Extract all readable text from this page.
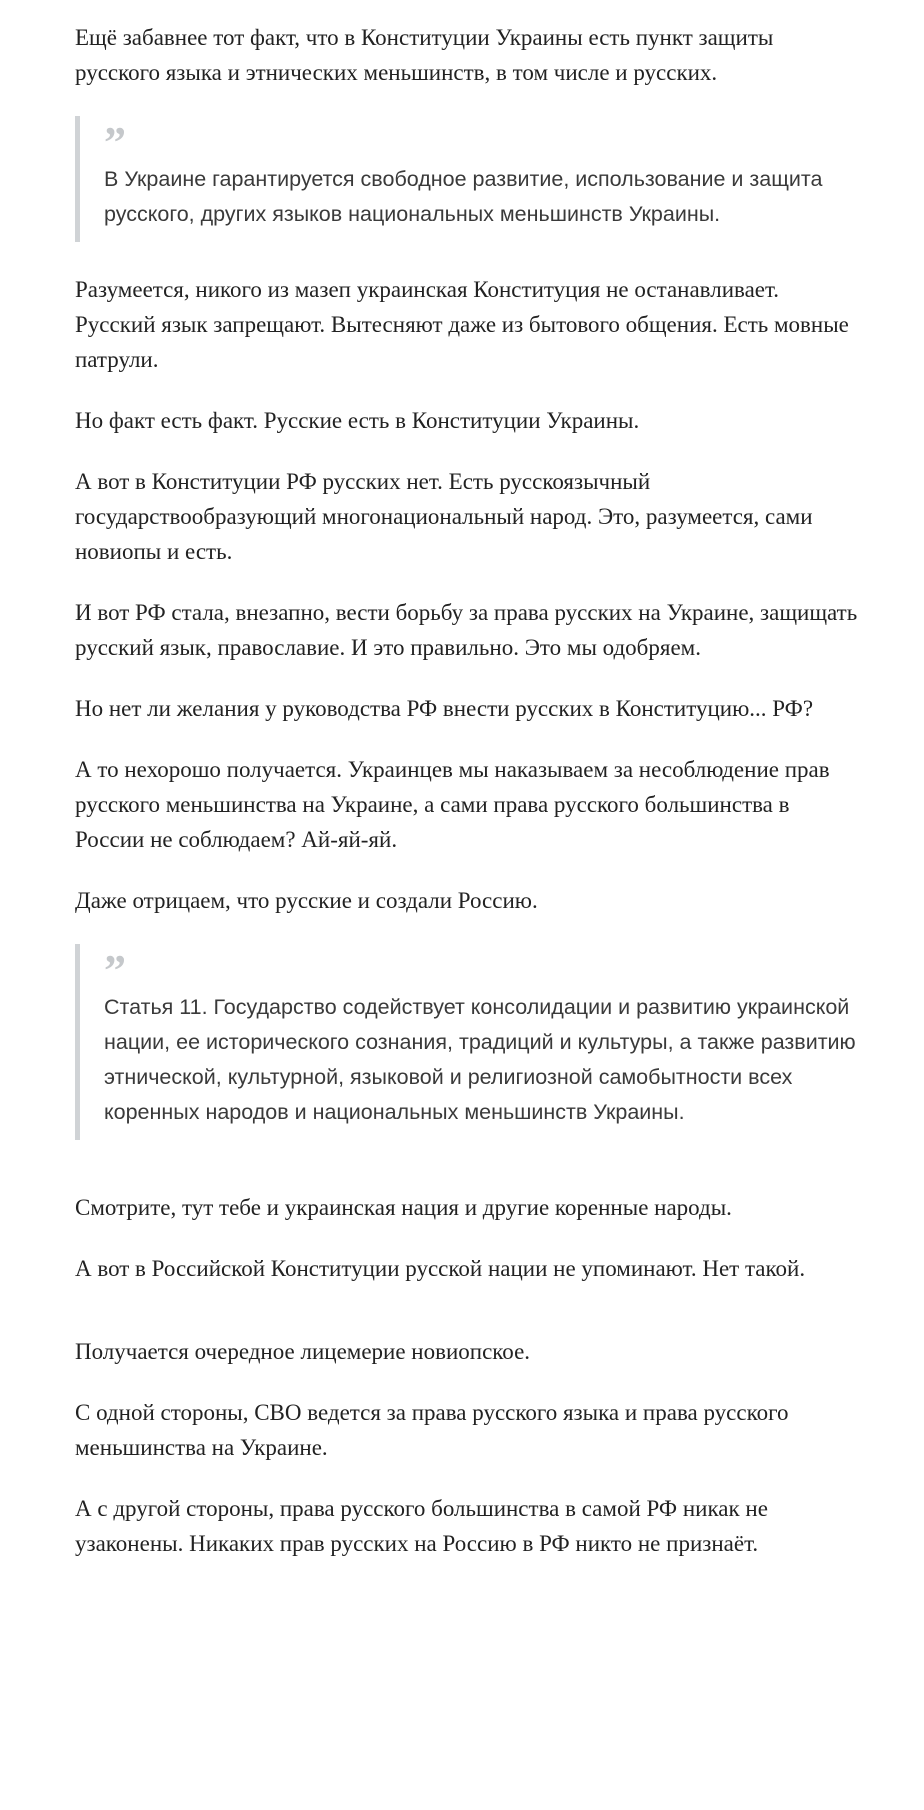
Ещё забавнее тот факт, что в Конституции Украины есть пункт защиты русского языка и этнических меньшинств, в том числе и русских.

”
В Украине гарантируется свободное развитие, использование и защита русского, других языков национальных меньшинств Украины.

Разумеется, никого из мазеп украинская Конституция не останавливает. Русский язык запрещают. Вытесняют даже из бытового общения. Есть мовные патрули.

Но факт есть факт. Русские есть в Конституции Украины.

А вот в Конституции РФ русских нет. Есть русскоязычный государствообразующий многонациональный народ. Это, разумеется, сами новиопы и есть.

И вот РФ стала, внезапно, вести борьбу за права русских на Украине, защищать русский язык, православие. И это правильно. Это мы одобряем.

Но нет ли желания у руководства РФ внести русских в Конституцию... РФ?

А то нехорошо получается. Украинцев мы наказываем за несоблюдение прав русского меньшинства на Украине, а сами права русского большинства в России не соблюдаем? Ай-яй-яй.

Даже отрицаем, что русские и создали Россию.

”
Статья 11. Государство содействует консолидации и развитию украинской нации, ее исторического сознания, традиций и культуры, а также развитию этнической, культурной, языковой и религиозной самобытности всех коренных народов и национальных меньшинств Украины.

Смотрите, тут тебе и украинская нация и другие коренные народы.

А вот в Российской Конституции русской нации не упоминают. Нет такой.

Получается очередное лицемерие новиопское.

С одной стороны, СВО ведется за права русского языка и права русского меньшинства на Украине.

А с другой стороны, права русского большинства в самой РФ никак не узаконены. Никаких прав русских на Россию в РФ никто не признаёт.
